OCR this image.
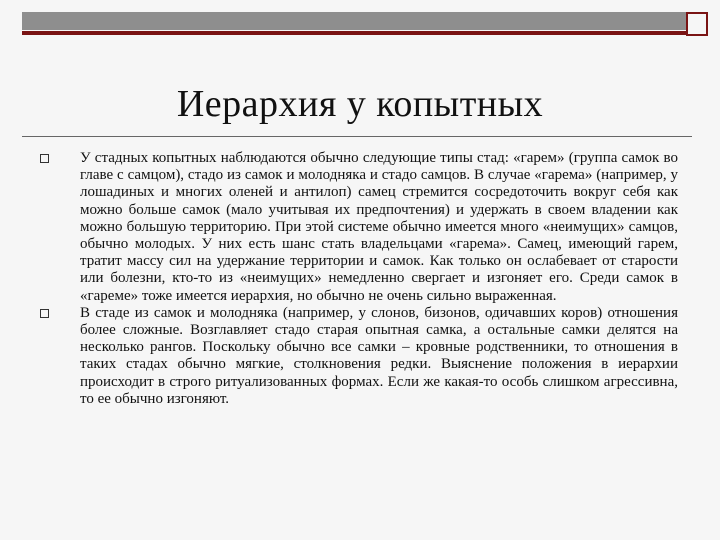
Иерархия у копытных
У стадных копытных наблюдаются обычно следующие типы стад: «гарем» (группа самок во главе с самцом), стадо из самок и молодняка и стадо самцов. В случае «гарема» (например, у лошадиных и многих оленей и антилоп) самец стремится сосредоточить вокруг себя как можно больше самок (мало учитывая их предпочтения) и удержать в своем владении как можно большую территорию. При этой системе обычно имеется много «неимущих» самцов, обычно молодых. У них есть шанс стать владельцами «гарема». Самец, имеющий гарем, тратит массу сил на удержание территории и самок. Как только он ослабевает от старости или болезни, кто-то из «неимущих» немедленно свергает и изгоняет его. Среди самок в «гареме» тоже имеется иерархия, но обычно не очень сильно выраженная.
В стаде из самок и молодняка (например, у слонов, бизонов, одичавших коров) отношения более сложные. Возглавляет стадо старая опытная самка, а остальные самки делятся на несколько рангов. Поскольку обычно все самки – кровные родственники, то отношения в таких стадах обычно мягкие, столкновения редки. Выяснение положения в иерархии происходит в строго ритуализованных формах. Если же какая-то особь слишком агрессивна, то ее обычно изгоняют.
